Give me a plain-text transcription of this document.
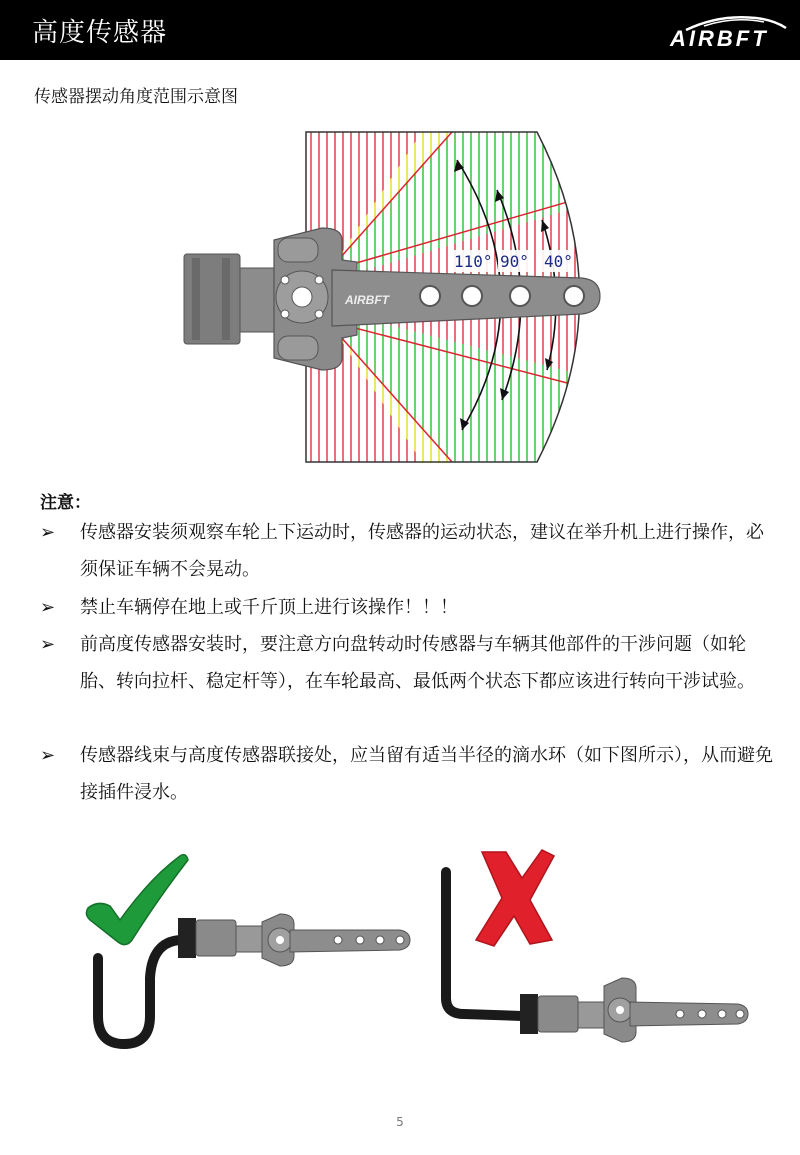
高度传感器	AIRBFT
传感器摆动角度范围示意图
110° 90° 40°
AIRBFT
注意：
➢ 传感器安装须观察车轮上下运动时，传感器的运动状态，建议在举升机上进行操作，必须保证车辆不会晃动。
➢ 禁止车辆停在地上或千斤顶上进行该操作！！！
➢ 前高度传感器安装时，要注意方向盘转动时传感器与车辆其他部件的干涉问题（如轮胎、转向拉杆、稳定杆等），在车轮最高、最低两个状态下都应该进行转向干涉试验。
➢ 传感器线束与高度传感器联接处，应当留有适当半径的滴水环（如下图所示），从而避免接插件浸水。
5
